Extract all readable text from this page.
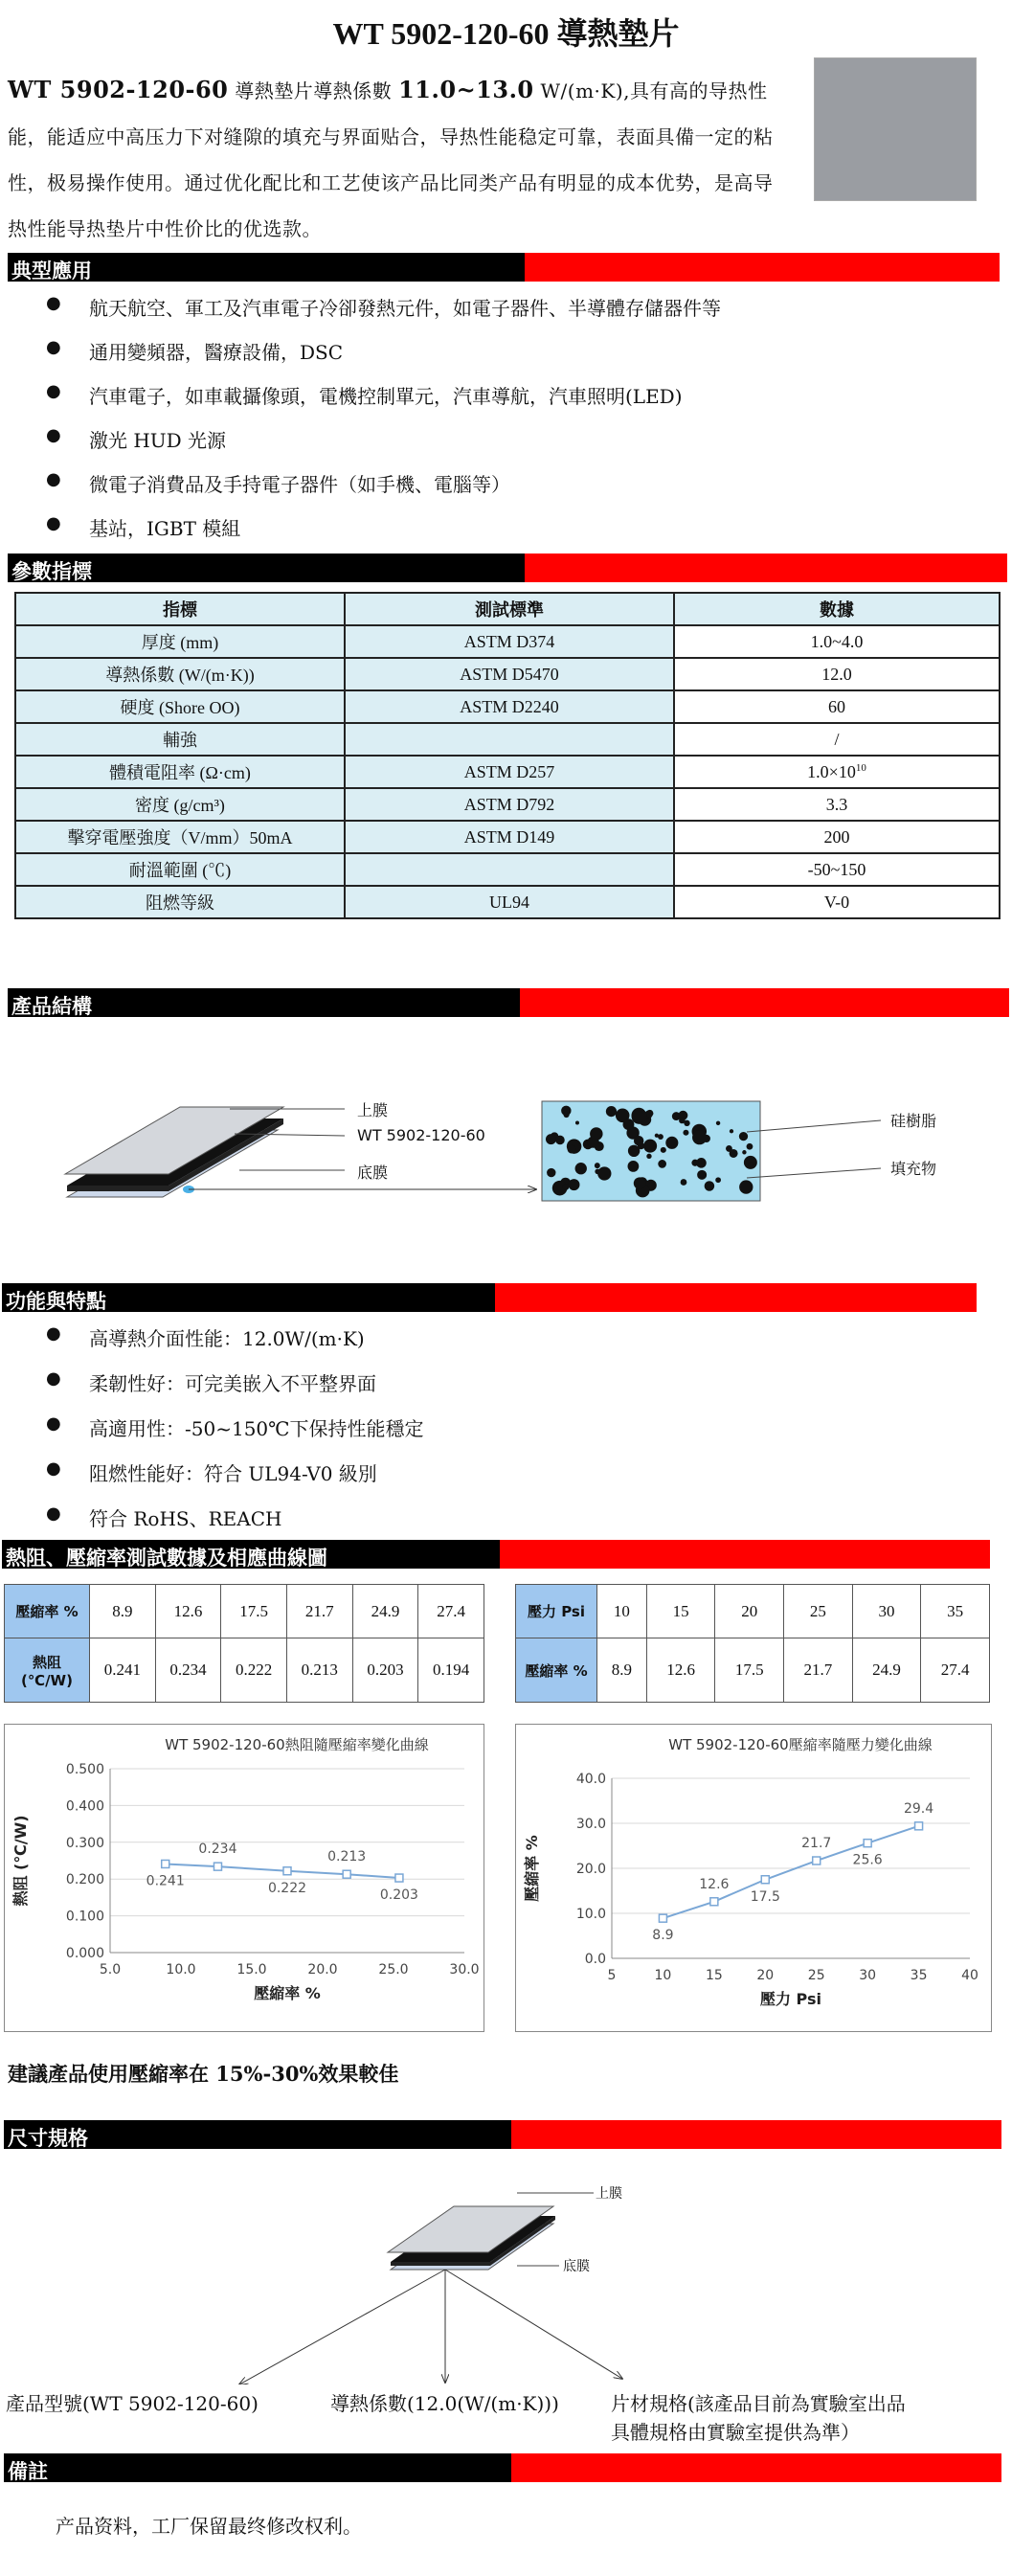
WT 5902-120-60 導熱墊片
WT 5902-120-60 導熱墊片導熱係數 11.0~13.0 W/(m·K),具有高的导热性能，能适应中高压力下对缝隙的填充与界面贴合，导热性能稳定可靠，表面具備一定的粘性，极易操作使用。通过优化配比和工艺使该产品比同类产品有明显的成本优势，是高导热性能导热垫片中性价比的优选款。
典型應用
● 航天航空、軍工及汽車電子冷卻發熱元件，如電子器件、半導體存儲器件等
● 通用變頻器，醫療設備，DSC
● 汽車電子，如車載攝像頭，電機控制單元，汽車導航，汽車照明(LED)
● 激光 HUD 光源
● 微電子消費品及手持電子器件（如手機、電腦等）
● 基站，IGBT 模組
參數指標
指標	測試標準	數據
厚度 (mm)	ASTM D374	1.0~4.0
導熱係數 (W/(m·K))	ASTM D5470	12.0
硬度 (Shore OO)	ASTM D2240	60
輔強		/
體積電阻率 (Ω·cm)	ASTM D257	$1.0\times 10^{10}$
密度 (g/cm³)	ASTM D792	3.3
擊穿電壓強度（V/mm）50mA	ASTM D149	200
耐溫範圍 (℃)		-50~150
阻燃等級	UL94	V-0
產品結構
上膜
WT 5902-120-60
底膜
硅樹脂
填充物
功能與特點
● 高導熱介面性能：12.0W/(m·K)
● 柔韌性好：可完美嵌入不平整界面
● 高適用性：-50~150℃下保持性能穩定
● 阻燃性能好：符合 UL94-V0 級別
● 符合 RoHS、REACH
熱阻、壓縮率測試數據及相應曲線圖
壓縮率 %	8.9	12.6	17.5	21.7	24.9	27.4

熱阻
(℃/W)	0.241	0.234	0.222	0.213	0.203	0.194
壓力 Psi	10	15	20	25	30	35
壓縮率 %	8.9	12.6	17.5	21.7	24.9	27.4
WT 5902-120-60熱阻隨壓縮率變化曲線
0.000
0.100
0.200
0.300
0.400
0.500
5.0	10.0	15.0	20.0	25.0	30.0
壓縮率 %
熱阻 (℃/W)	0.241
0.234
0.222
0.213
0.203
WT 5902-120-60壓縮率隨壓力變化曲線
0.0
10.0
20.0
30.0
40.0
5	10	15	20	25	30	35	40
壓力 Psi
壓縮率 %
8.9
12.6
17.5
21.7
25.6
29.4
建議產品使用壓縮率在 15%-30%效果較佳
尺寸規格
上膜
底膜
產品型號(WT 5902-120-60)	導熱係數(12.0(W/(m·K)))	片材規格(該產品目前為實驗室出品
具體規格由實驗室提供為準）
備註
产品资料，工厂保留最终修改权利。
